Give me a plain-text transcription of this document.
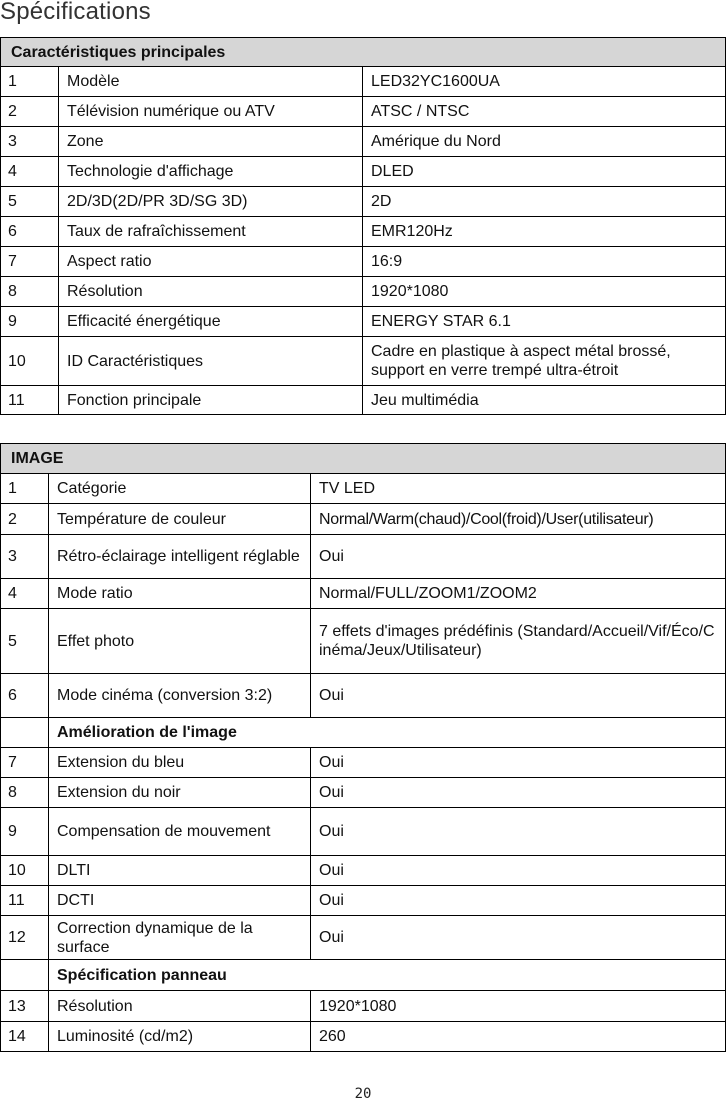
Spécifications
Caractéristiques principales		
1	Modèle	LED32YC1600UA
2	Télévision numérique ou ATV	ATSC / NTSC
3	Zone	Amérique du Nord
4	Technologie d'affichage	DLED
5	2D/3D(2D/PR 3D/SG 3D)	2D
6	Taux de rafraîchissement	EMR120Hz
7	Aspect ratio	16:9
8	Résolution	1920*1080
9	Efficacité énergétique	ENERGY STAR 6.1
10	ID Caractéristiques	Cadre en plastique à aspect métal brossé, support en verre trempé ultra-étroit
11	Fonction principale	Jeu multimédia
IMAGE		
1	Catégorie	TV LED
2	Température de couleur	Normal/Warm(chaud)/Cool(froid)/User(utilisateur)
3	Rétro-éclairage intelligent réglable	Oui
4	Mode ratio	Normal/FULL/ZOOM1/ZOOM2
5	Effet photo	7 effets d'images prédéfinis (Standard/Accueil/Vif/Éco/Cinéma/Jeux/Utilisateur)
6	Mode cinéma (conversion 3:2)	Oui
	Amélioration de l'image	
7	Extension du bleu	Oui
8	Extension du noir	Oui
9	Compensation de mouvement	Oui
10	DLTI	Oui
11	DCTI	Oui
12	Correction dynamique de la surface	Oui
	Spécification panneau	
13	Résolution	1920*1080
14	Luminosité (cd/m2)	260
20
